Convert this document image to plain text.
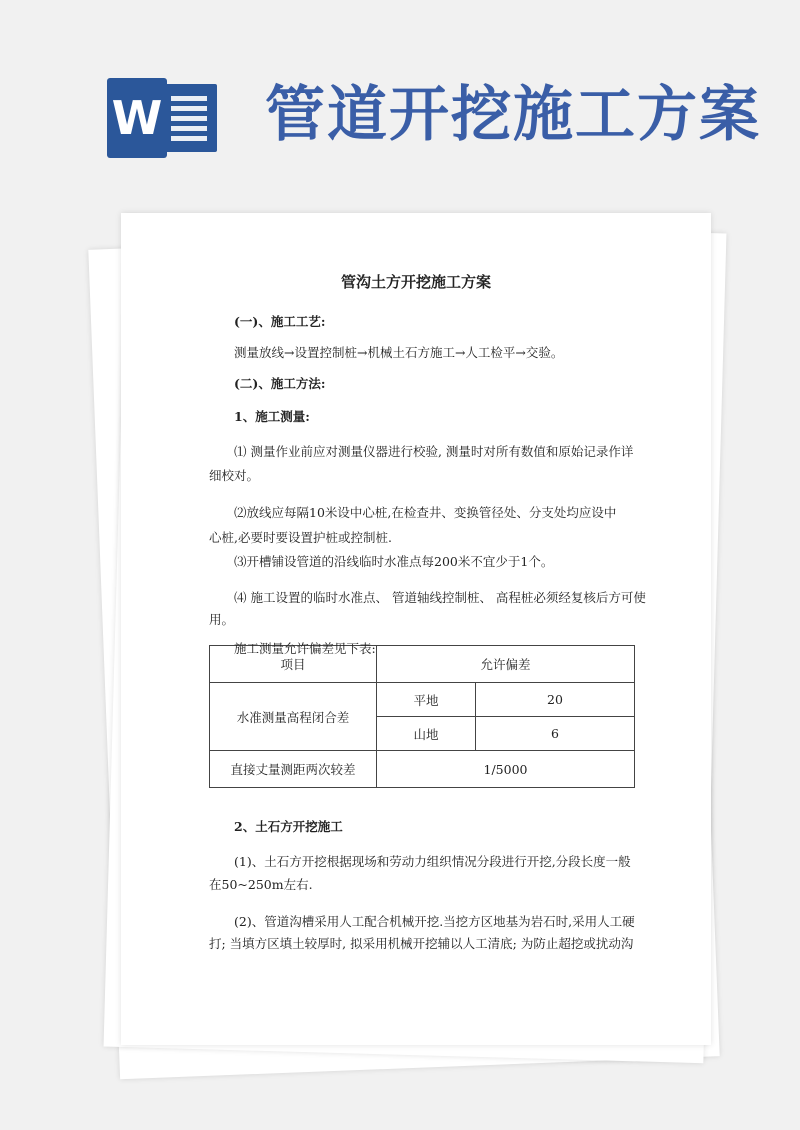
W 管道开挖施工方案
管沟土方开挖施工方案
(一)、施工工艺:
测量放线→设置控制桩→机械土石方施工→人工检平→交验。
(二)、施工方法:
1、施工测量:
⑴ 测量作业前应对测量仪器进行校验, 测量时对所有数值和原始记录作详
细校对。
⑵放线应每隔10米设中心桩,在检查井、变换管径处、分支处均应设中
心桩,必要时要设置护桩或控制桩.
⑶开槽铺设管道的沿线临时水准点每200米不宜少于1个。
⑷ 施工设置的临时水准点、 管道轴线控制桩、 高程桩必须经复核后方可使
用。
项目	允许偏差	
水准测量高程闭合差	平地	20
	山地	6
直接丈量测距两次较差	1/5000	
施工测量允许偏差见下表:
2、土石方开挖施工
(1)、土石方开挖根据现场和劳动力组织情况分段进行开挖,分段长度一般
在50~250m左右.
(2)、管道沟槽采用人工配合机械开挖.当挖方区地基为岩石时,采用人工硬
打; 当填方区填土较厚时, 拟采用机械开挖辅以人工清底; 为防止超挖或扰动沟
